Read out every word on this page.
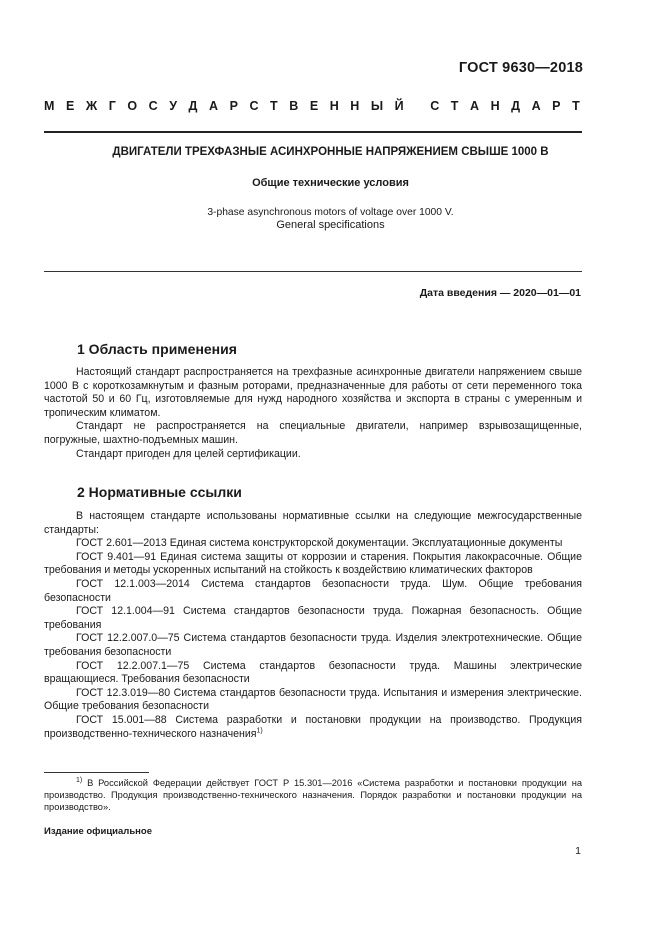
ГОСТ 9630—2018
М Е Ж Г О С У Д А Р С Т В Е Н Н Ы Й
С Т А Н Д А Р Т
ДВИГАТЕЛИ ТРЕХФАЗНЫЕ АСИНХРОННЫЕ НАПРЯЖЕНИЕМ СВЫШЕ 1000 В
Общие технические условия
3-phase asynchronous motors of voltage over 1000 V.
General specifications
Дата введения — 2020—01—01
1 Область применения

Настоящий стандарт распространяется на трехфазные асинхронные двигатели напряжением свыше 1000 В с короткозамкнутым и фазным роторами, предназначенные для работы от сети переменного тока частотой 50 и 60 Гц, изготовляемые для нужд народного хозяйства и экспорта в страны с умеренным и тропическим климатом.

Стандарт не распространяется на специальные двигатели, например взрывозащищенные, погружные, шахтно-подъемных машин.

Стандарт пригоден для целей сертификации.

2 Нормативные ссылки

В настоящем стандарте использованы нормативные ссылки на следующие межгосударственные стандарты:

ГОСТ 2.601—2013 Единая система конструкторской документации. Эксплуатационные документы

ГОСТ 9.401—91 Единая система защиты от коррозии и старения. Покрытия лакокрасочные. Общие требования и методы ускоренных испытаний на стойкость к воздействию климатических факторов

ГОСТ 12.1.003—2014 Система стандартов безопасности труда. Шум. Общие требования безопасности

ГОСТ 12.1.004—91 Система стандартов безопасности труда. Пожарная безопасность. Общие требования

ГОСТ 12.2.007.0—75 Система стандартов безопасности труда. Изделия электротехнические. Общие требования безопасности

ГОСТ 12.2.007.1—75 Система стандартов безопасности труда. Машины электрические вращающиеся. Требования безопасности

ГОСТ 12.3.019—80 Система стандартов безопасности труда. Испытания и измерения электрические. Общие требования безопасности

ГОСТ 15.001—88 Система разработки и постановки продукции на производство. Продукция производственно-технического назначения$^{1)}$

$^{1)}$ В Российской Федерации действует ГОСТ Р 15.301—2016 «Система разработки и постановки продукции на производство. Продукция производственно-технического назначения. Порядок разработки и постановки продукции на производство».

Издание официальное
1
